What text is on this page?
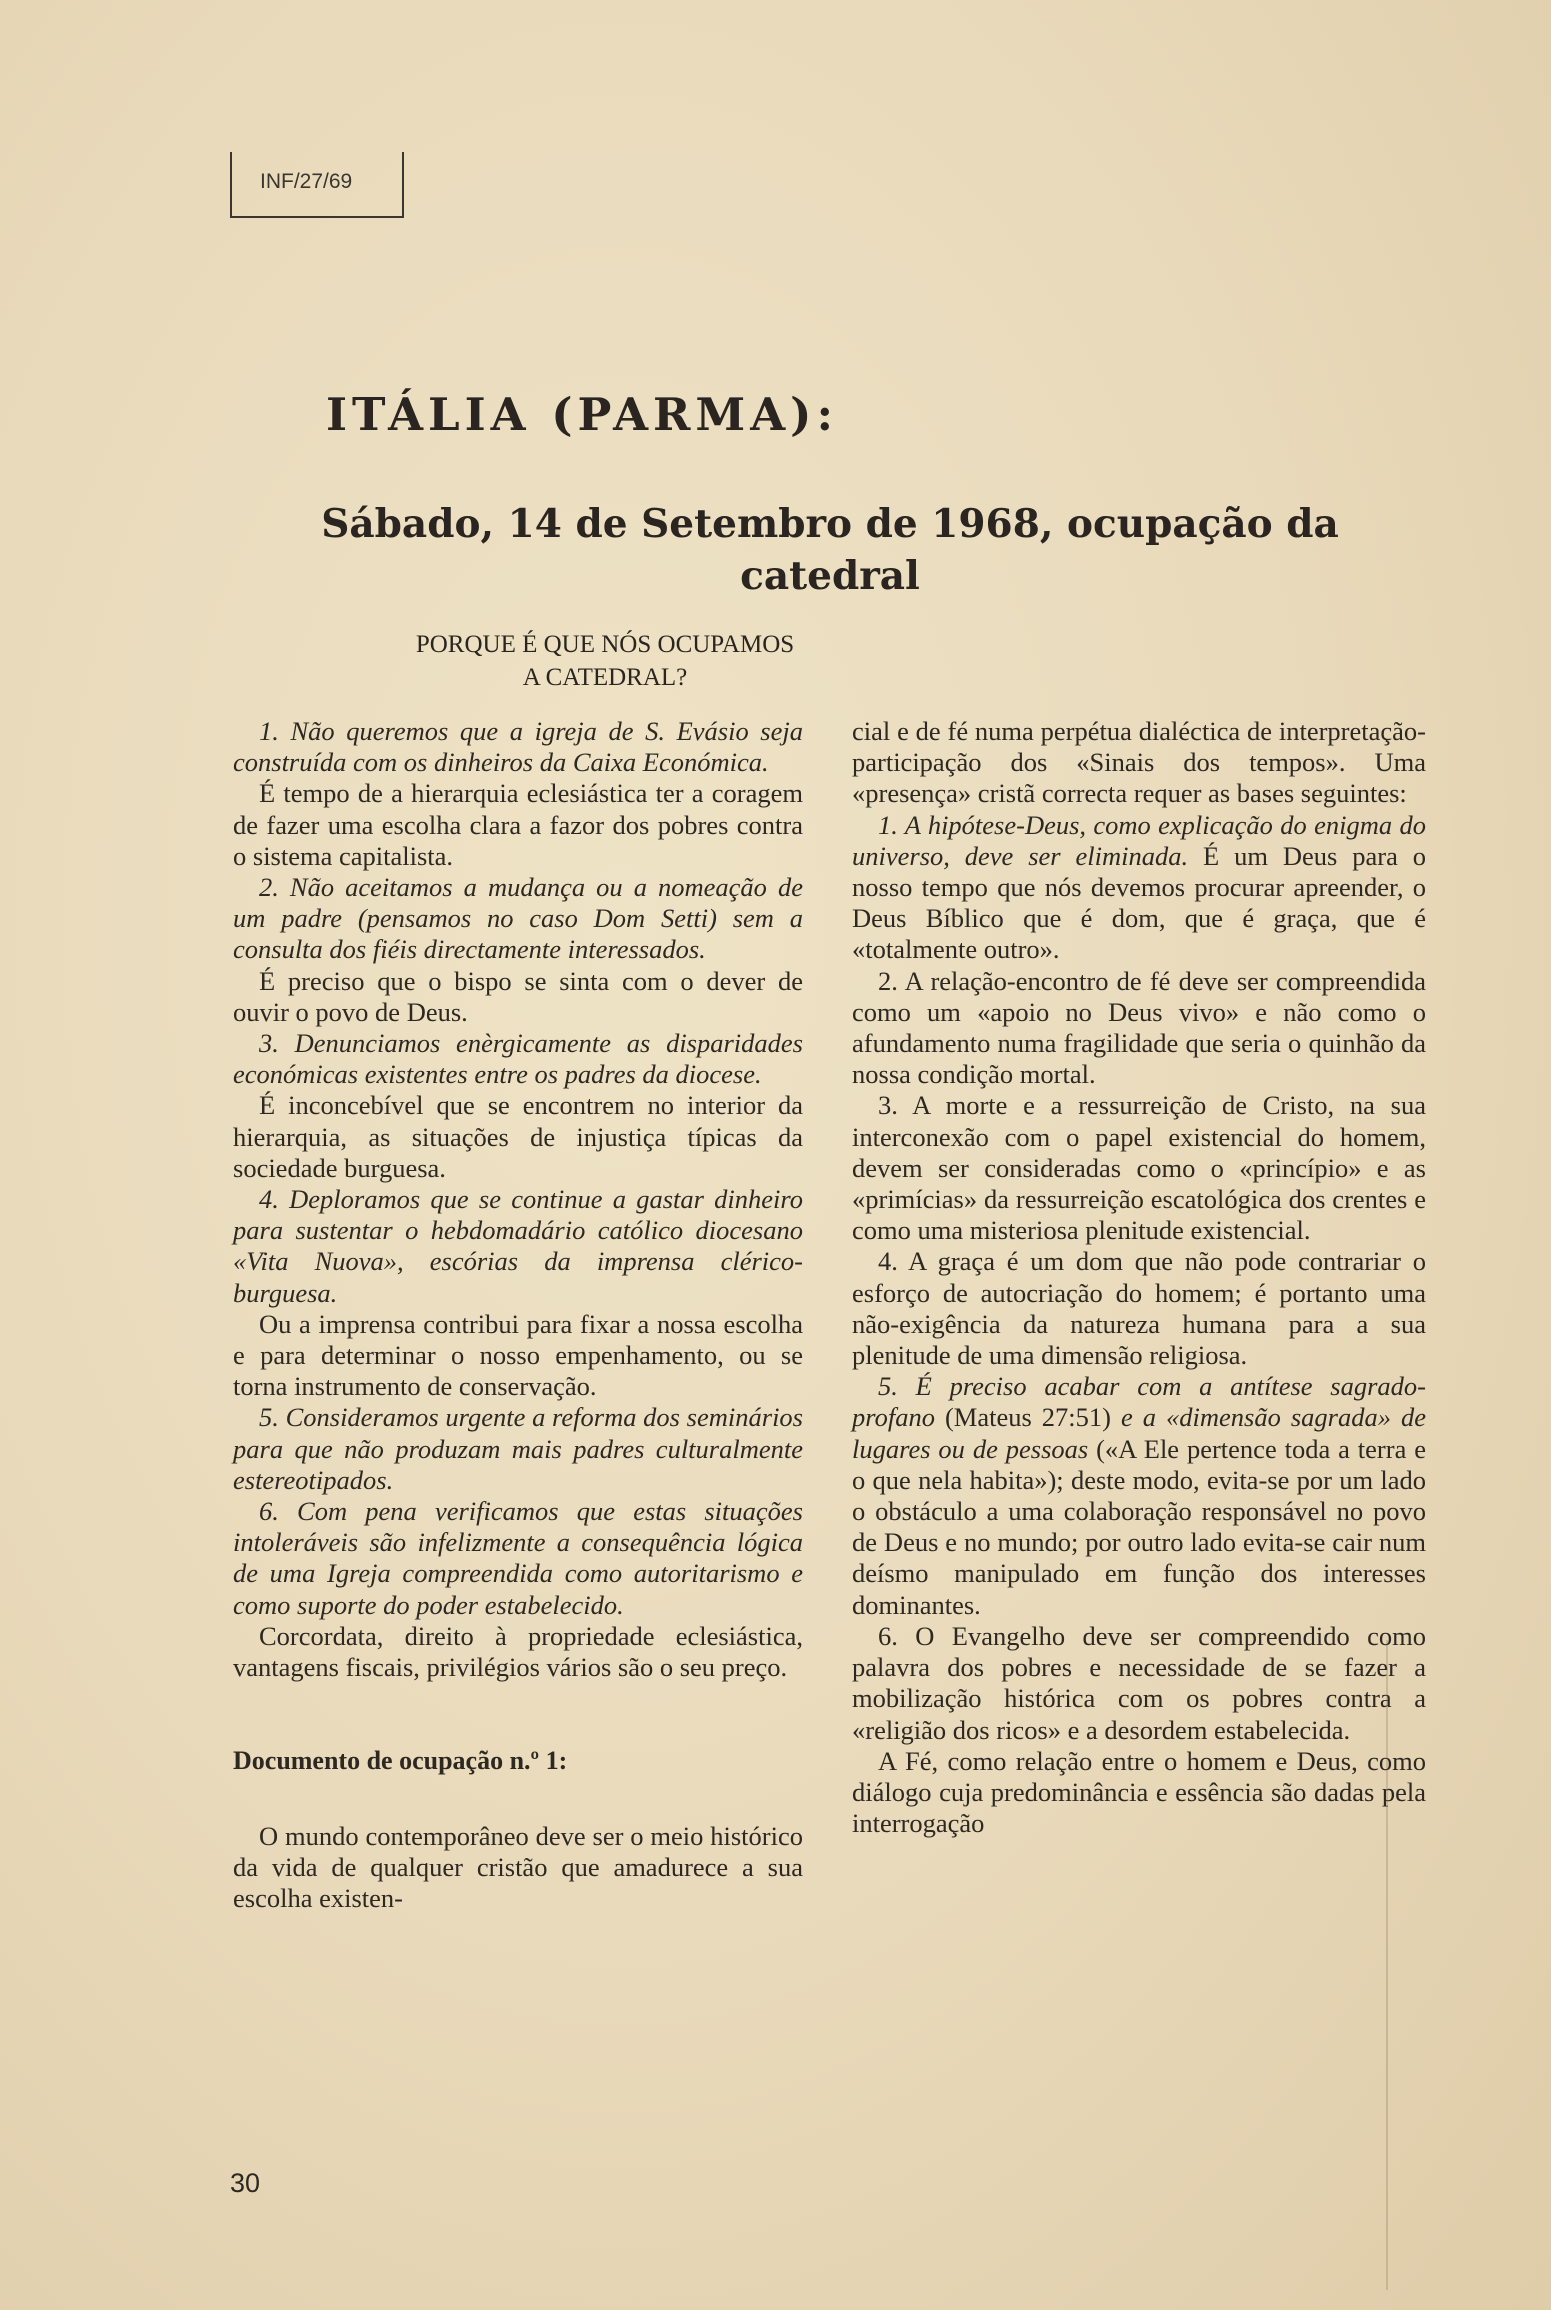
INF/27/69
ITÁLIA (PARMA):
Sábado, 14 de Setembro de 1968, ocupação da catedral
PORQUE É QUE NÓS OCUPAMOS
A CATEDRAL?

1. Não queremos que a igreja de S. Evásio seja construída com os dinheiros da Caixa Económica.

É tempo de a hierarquia eclesiástica ter a coragem de fazer uma escolha clara a fazor dos pobres contra o sistema capitalista.

2. Não aceitamos a mudança ou a nomeação de um padre (pensamos no caso Dom Setti) sem a consulta dos fiéis directamente interessados.

É preciso que o bispo se sinta com o dever de ouvir o povo de Deus.

3. Denunciamos enèrgicamente as disparidades económicas existentes entre os padres da diocese.

É inconcebível que se encontrem no interior da hierarquia, as situações de injustiça típicas da sociedade burguesa.

4. Deploramos que se continue a gastar dinheiro para sustentar o hebdomadário católico diocesano «Vita Nuova», escórias da imprensa clérico-burguesa.

Ou a imprensa contribui para fixar a nossa escolha e para determinar o nosso empenhamento, ou se torna instrumento de conservação.

5. Consideramos urgente a reforma dos seminários para que não produzam mais padres culturalmente estereotipados.

6. Com pena verificamos que estas situações intoleráveis são infelizmente a consequência lógica de uma Igreja compreendida como autoritarismo e como suporte do poder estabelecido.

Corcordata, direito à propriedade eclesiástica, vantagens fiscais, privilégios vários são o seu preço.

Documento de ocupação n.º 1:

O mundo contemporâneo deve ser o meio histórico da vida de qualquer cristão que amadurece a sua escolha existen-

cial e de fé numa perpétua dialéctica de interpretação-participação dos «Sinais dos tempos». Uma «presença» cristã correcta requer as bases seguintes:

1. A hipótese-Deus, como explicação do enigma do universo, deve ser eliminada. É um Deus para o nosso tempo que nós devemos procurar apreender, o Deus Bíblico que é dom, que é graça, que é «totalmente outro».

2. A relação-encontro de fé deve ser compreendida como um «apoio no Deus vivo» e não como o afundamento numa fragilidade que seria o quinhão da nossa condição mortal.

3. A morte e a ressurreição de Cristo, na sua interconexão com o papel existencial do homem, devem ser consideradas como o «princípio» e as «primícias» da ressurreição escatológica dos crentes e como uma misteriosa plenitude existencial.

4. A graça é um dom que não pode contrariar o esforço de autocriação do homem; é portanto uma não-exigência da natureza humana para a sua plenitude de uma dimensão religiosa.

5. É preciso acabar com a antítese sagrado-profano (Mateus 27:51) e a «dimensão sagrada» de lugares ou de pessoas («A Ele pertence toda a terra e o que nela habita»); deste modo, evita-se por um lado o obstáculo a uma colaboração responsável no povo de Deus e no mundo; por outro lado evita-se cair num deísmo manipulado em função dos interesses dominantes.

6. O Evangelho deve ser compreendido como palavra dos pobres e necessidade de se fazer a mobilização histórica com os pobres contra a «religião dos ricos» e a desordem estabelecida.

A Fé, como relação entre o homem e Deus, como diálogo cuja predominância e essência são dadas pela interrogação

30
